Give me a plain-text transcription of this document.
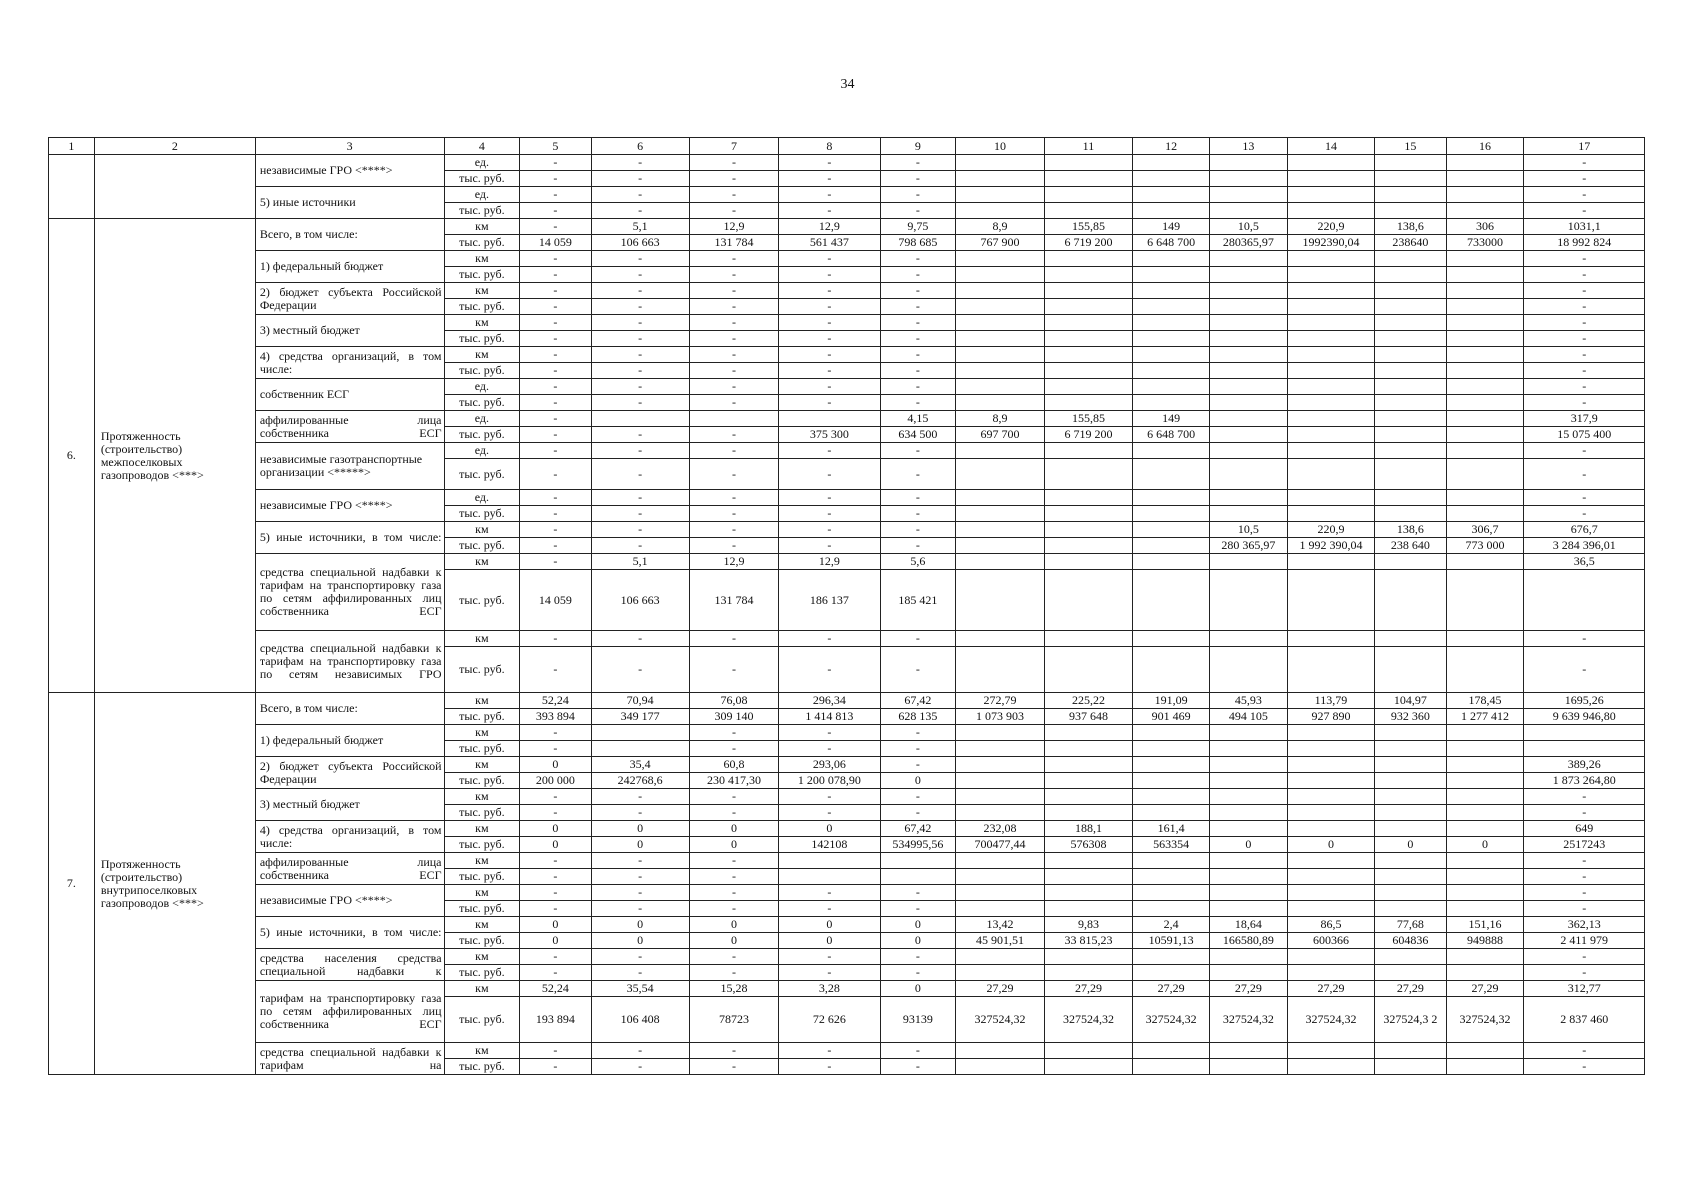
34
1	2	3	4	5	6	7	8	9	10	11	12	13	14	15	16	17
		независимые ГРО <****>	ед.	-	-	-	-	-								-
			тыс. руб.	-	-	-	-	-								-
		5) иные источники	ед.	-	-	-	-	-								-
			тыс. руб.	-	-	-	-	-								-
6.	Протяженность (строительство) межпоселковых газопроводов <***>	Всего, в том числе:	км	-	5,1	12,9	12,9	9,75	8,9	155,85	149	10,5	220,9	138,6	306	1031,1
			тыс. руб.	14 059	106 663	131 784	561 437	798 685	767 900	6 719 200	6 648 700	280365,97	1992390,04	238640	733000	18 992 824
		1) федеральный бюджет	км	-	-	-	-	-								-
			тыс. руб.	-	-	-	-	-								-
		2) бюджет субъекта Российской Федерации	км	-	-	-	-	-								-
			тыс. руб.	-	-	-	-	-								-
		3) местный бюджет	км	-	-	-	-	-								-
			тыс. руб.	-	-	-	-	-								-
		4) средства организаций, в том числе:	км	-	-	-	-	-								-
			тыс. руб.	-	-	-	-	-								-
		собственник ЕСГ	ед.	-	-	-	-	-								-
			тыс. руб.	-	-	-	-	-								-
		аффилированные лица собственника ЕСГ	ед.	-				4,15	8,9	155,85	149					317,9
			тыс. руб.	-	-	-	375 300	634 500	697 700	6 719 200	6 648 700					15 075 400
		независимые газотранспортные организации <*****>	ед.	-	-	-	-	-								-
			тыс. руб.	-	-	-	-	-								-
		независимые ГРО <****>	ед.	-	-	-	-	-								-
			тыс. руб.	-	-	-	-	-								-
		5) иные источники, в том числе:	км	-	-	-	-	-				10,5	220,9	138,6	306,7	676,7
			тыс. руб.	-	-	-	-	-				280 365,97	1 992 390,04	238 640	773 000	3 284 396,01
		средства специальной надбавки к тарифам на транспортировку газа по сетям аффилированных лиц собственника ЕСГ	км	-	5,1	12,9	12,9	5,6								36,5
			тыс. руб.	14 059	106 663	131 784	186 137	185 421								
		средства специальной надбавки к тарифам на транспортировку газа по сетям независимых ГРО	км	-	-	-	-	-								-
			тыс. руб.	-	-	-	-	-								-
7.	Протяженность (строительство) внутрипоселковых газопроводов <***>	Всего, в том числе:	км	52,24	70,94	76,08	296,34	67,42	272,79	225,22	191,09	45,93	113,79	104,97	178,45	1695,26
			тыс. руб.	393 894	349 177	309 140	1 414 813	628 135	1 073 903	937 648	901 469	494 105	927 890	932 360	1 277 412	9 639 946,80
		1) федеральный бюджет	км	-		-	-	-								
			тыс. руб.	-		-	-	-								
		2) бюджет субъекта Российской Федерации	км	0	35,4	60,8	293,06	-								389,26
			тыс. руб.	200 000	242768,6	230 417,30	1 200 078,90	0								1 873 264,80
		3) местный бюджет	км	-	-	-	-	-								-
			тыс. руб.	-	-	-	-	-								-
		4) средства организаций, в том числе:	км	0	0	0	0	67,42	232,08	188,1	161,4					649
			тыс. руб.	0	0	0	142108	534995,56	700477,44	576308	563354	0	0	0	0	2517243
		аффилированные лица собственника ЕСГ	км	-	-	-										-
			тыс. руб.	-	-	-										-
		независимые ГРО <****>	км	-	-	-	-	-								-
			тыс. руб.	-	-	-	-	-								-
		5) иные источники, в том числе:	км	0	0	0	0	0	13,42	9,83	2,4	18,64	86,5	77,68	151,16	362,13
			тыс. руб.	0	0	0	0	0	45 901,51	33 815,23	10591,13	166580,89	600366	604836	949888	2 411 979
		средства населения средства специальной надбавки к	км	-	-	-	-	-								-
			тыс. руб.	-	-	-	-	-								-
		тарифам на транспортировку газа по сетям аффилированных лиц собственника ЕСГ	км	52,24	35,54	15,28	3,28	0	27,29	27,29	27,29	27,29	27,29	27,29	27,29	312,77
			тыс. руб.	193 894	106 408	78723	72 626	93139	327524,32	327524,32	327524,32	327524,32	327524,32	327524,3 2	327524,32	2 837 460
		средства специальной надбавки к тарифам на	км	-	-	-	-	-								-
			тыс. руб.	-	-	-	-	-								-
